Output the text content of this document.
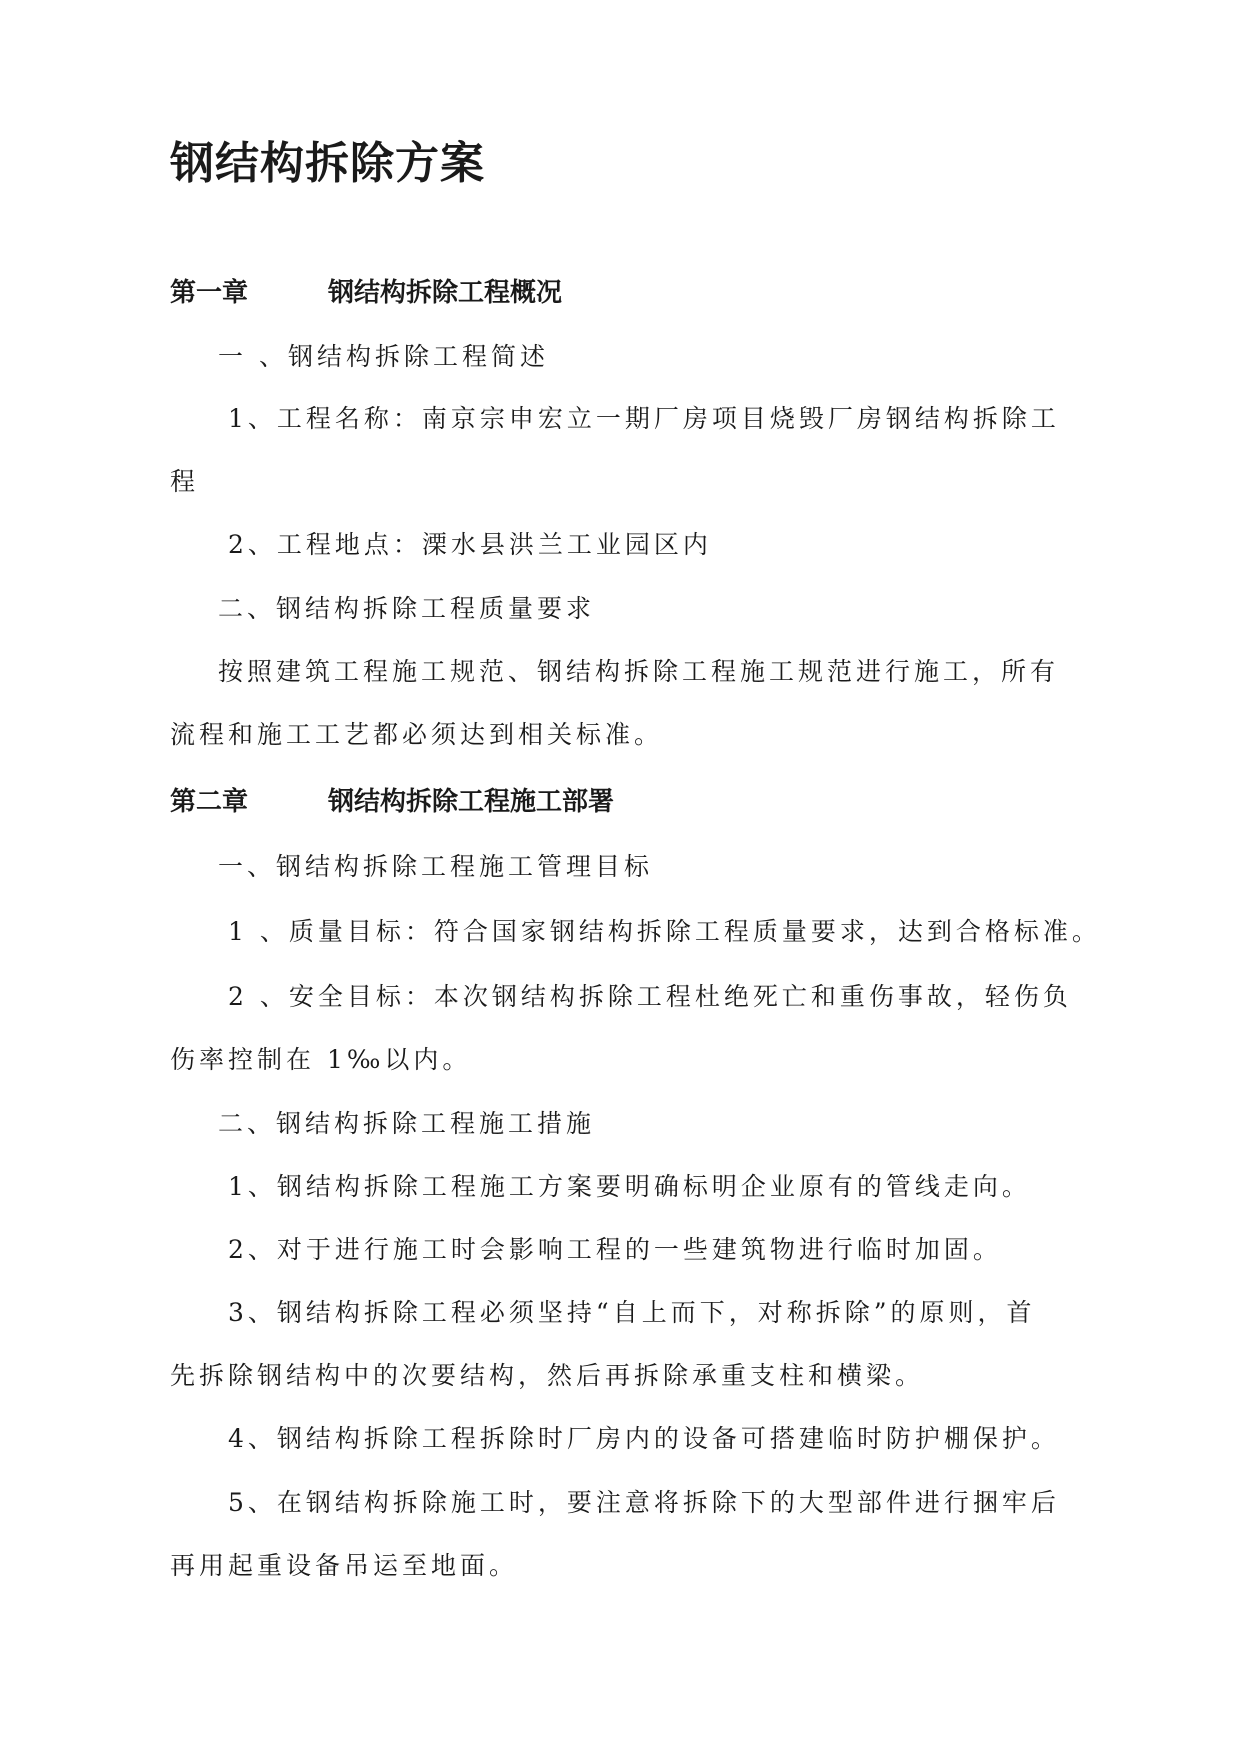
钢结构拆除方案
第一章	钢结构拆除工程概况
一 、钢结构拆除工程简述
1、工程名称：南京宗申宏立一期厂房项目烧毁厂房钢结构拆除工
程
2、工程地点：溧水县洪兰工业园区内
二、钢结构拆除工程质量要求
按照建筑工程施工规范、钢结构拆除工程施工规范进行施工，所有
流程和施工工艺都必须达到相关标准。
第二章	钢结构拆除工程施工部署
一、钢结构拆除工程施工管理目标
1 、质量目标：符合国家钢结构拆除工程质量要求，达到合格标准。
2 、安全目标：本次钢结构拆除工程杜绝死亡和重伤事故，轻伤负
伤率控制在 1‰以内。
二、钢结构拆除工程施工措施
1、钢结构拆除工程施工方案要明确标明企业原有的管线走向。
2、对于进行施工时会影响工程的一些建筑物进行临时加固。
3、钢结构拆除工程必须坚持“自上而下，对称拆除”的原则，首
先拆除钢结构中的次要结构，然后再拆除承重支柱和横梁。
4、钢结构拆除工程拆除时厂房内的设备可搭建临时防护棚保护。
5、在钢结构拆除施工时，要注意将拆除下的大型部件进行捆牢后
再用起重设备吊运至地面。
